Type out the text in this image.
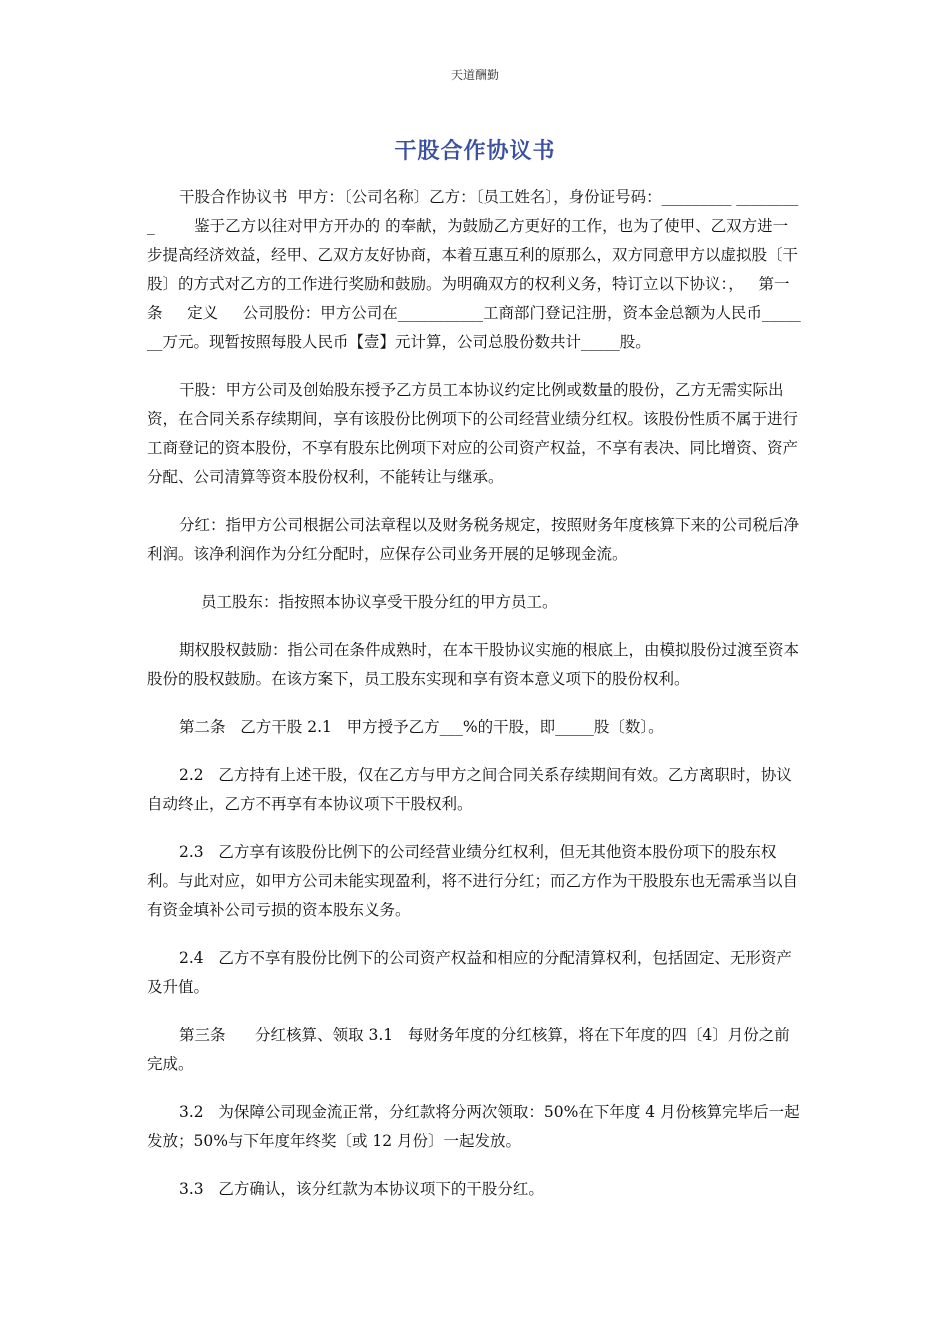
天道酬勤
干股合作协议书

干股合作协议书  甲方：〔公司名称〕乙方：〔员工姓名〕，身份证号码：_________ _________        鉴于乙方以往对甲方开办的 的奉献，为鼓励乙方更好的工作，也为了使甲、乙双方进一步提高经济效益，经甲、乙双方友好协商，本着互惠互利的原那么，双方同意甲方以虚拟股〔干股〕的方式对乙方的工作进行奖励和鼓励。为明确双方的权利义务，特订立以下协议：，   第一条     定义     公司股份：甲方公司在___________工商部门登记注册，资本金总额为人民币_______万元。现暂按照每股人民币【壹】元计算，公司总股份数共计_____股。

干股：甲方公司及创始股东授予乙方员工本协议约定比例或数量的股份，乙方无需实际出资，在合同关系存续期间，享有该股份比例项下的公司经营业绩分红权。该股份性质不属于进行工商登记的资本股份，不享有股东比例项下对应的公司资产权益，不享有表决、同比增资、资产分配、公司清算等资本股份权利，不能转让与继承。

分红：指甲方公司根据公司法章程以及财务税务规定，按照财务年度核算下来的公司税后净利润。该净利润作为分红分配时，应保存公司业务开展的足够现金流。

员工股东：指按照本协议享受干股分红的甲方员工。

期权股权鼓励：指公司在条件成熟时，在本干股协议实施的根底上，由模拟股份过渡至资本股份的股权鼓励。在该方案下，员工股东实现和享有资本意义项下的股份权利。

第二条   乙方干股 2.1   甲方授予乙方___%的干股，即_____股〔数〕。

2.2   乙方持有上述干股，仅在乙方与甲方之间合同关系存续期间有效。乙方离职时，协议自动终止，乙方不再享有本协议项下干股权利。

2.3   乙方享有该股份比例下的公司经营业绩分红权利，但无其他资本股份项下的股东权利。与此对应，如甲方公司未能实现盈利，将不进行分红；而乙方作为干股股东也无需承当以自有资金填补公司亏损的资本股东义务。

2.4   乙方不享有股份比例下的公司资产权益和相应的分配清算权利，包括固定、无形资产及升值。

第三条      分红核算、领取 3.1   每财务年度的分红核算，将在下年度的四〔4〕月份之前完成。

3.2   为保障公司现金流正常，分红款将分两次领取：50%在下年度 4 月份核算完毕后一起发放；50%与下年度年终奖〔或 12 月份〕一起发放。

3.3   乙方确认，该分红款为本协议项下的干股分红。
